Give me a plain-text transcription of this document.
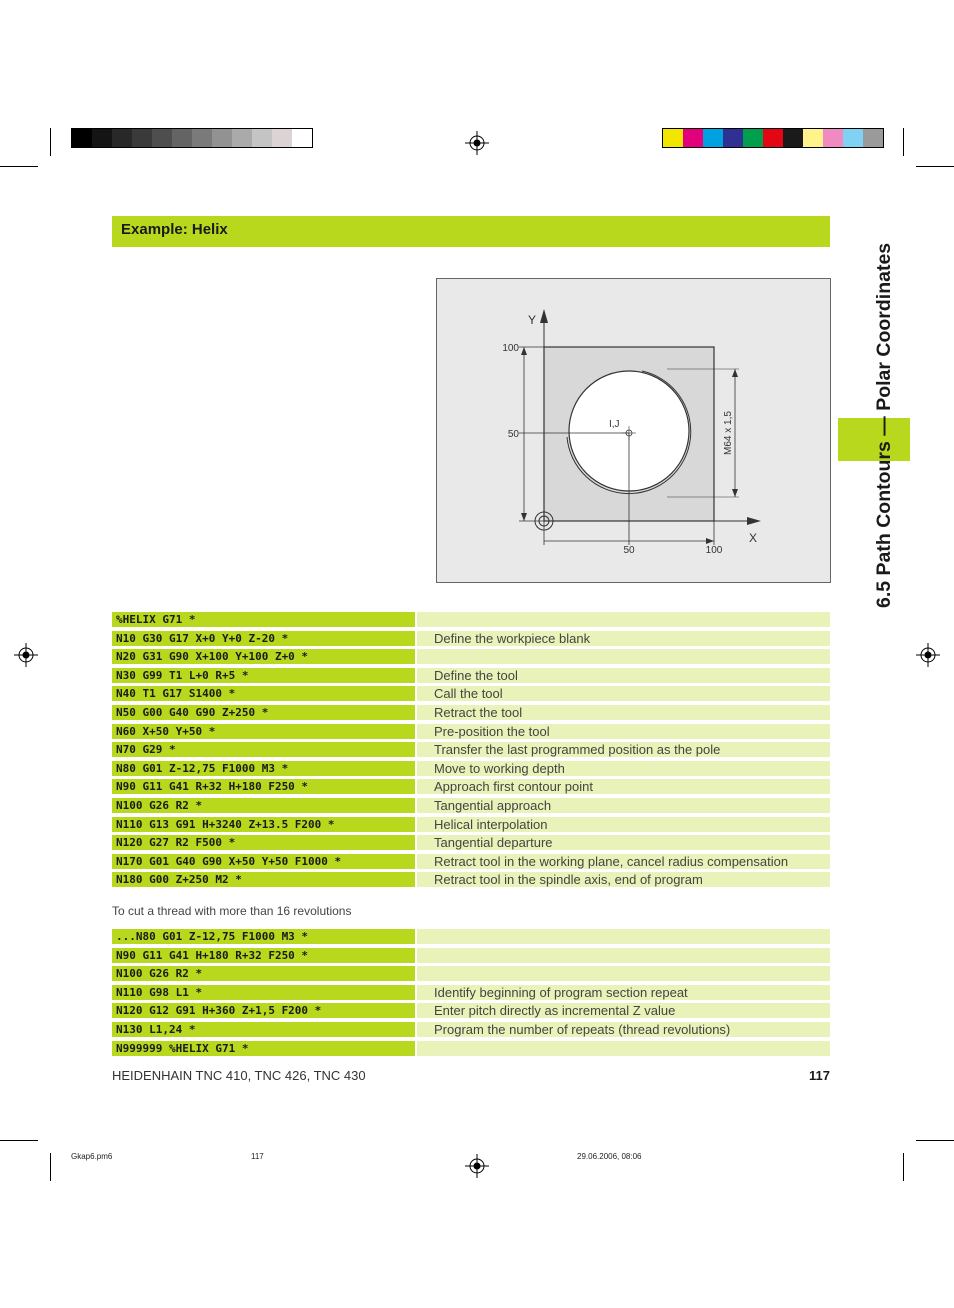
Example: Helix
Y
X
100
50
50	100
I,J	M64 x 1,5	6.5 Path Contours — Polar Coordinates
%HELIX G71 *
N10 G30 G17 X+0 Y+0 Z-20 *	Define the workpiece blank
N20 G31 G90 X+100 Y+100 Z+0 *
N30 G99 T1 L+0 R+5 *	Define the tool
N40 T1 G17 S1400 *	Call the tool
N50 G00 G40 G90 Z+250 *	Retract the tool
N60 X+50 Y+50 *	Pre-position the tool
N70 G29 *	Transfer the last programmed position as the pole
N80 G01 Z-12,75 F1000 M3 *	Move to working depth
N90 G11 G41 R+32 H+180 F250 *	Approach first contour point
N100 G26 R2 *	Tangential approach
N110 G13 G91 H+3240 Z+13.5 F200 *	Helical interpolation
N120 G27 R2 F500 *	Tangential departure
N170 G01 G40 G90 X+50 Y+50 F1000 *	Retract tool in the working plane, cancel radius compensation
N180 G00 Z+250 M2 *	Retract tool in the spindle axis, end of program
To cut a thread with more than 16 revolutions
...N80 G01 Z-12,75 F1000 M3 *
N90 G11 G41 H+180 R+32 F250 *
N100 G26 R2 *
N110 G98 L1 *	Identify beginning of program section repeat
N120 G12 G91 H+360 Z+1,5 F200 *	Enter pitch directly as incremental Z value
N130 L1,24 *	Program the number of repeats (thread revolutions)
N999999 %HELIX G71 *
HEIDENHAIN TNC 410, TNC 426, TNC 430	117
Gkap6.pm6	117	29.06.2006, 08:06
